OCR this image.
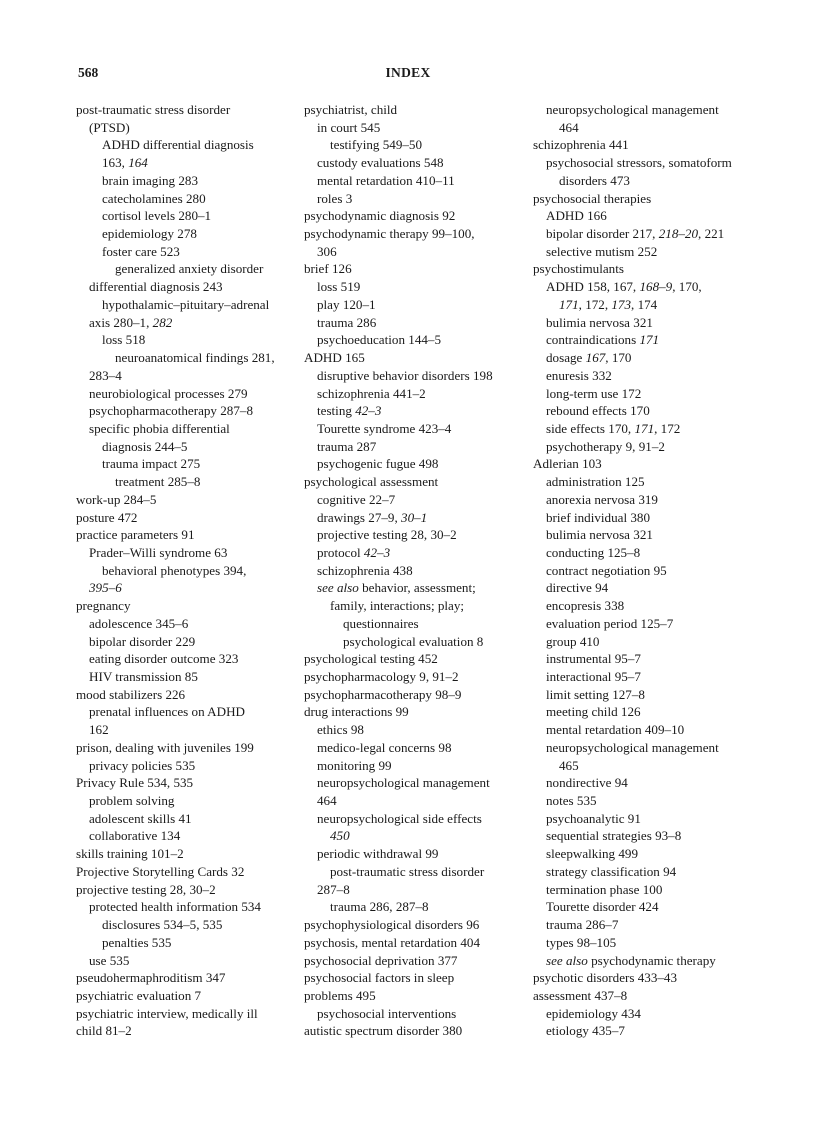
568	INDEX
post-traumatic stress disorder
(PTSD)
ADHD differential diagnosis
163, 164
brain imaging 283
catecholamines 280
cortisol levels 280–1
epidemiology 278
foster care 523
generalized anxiety disorder
differential diagnosis 243
hypothalamic–pituitary–adrenal
axis 280–1, 282
loss 518
neuroanatomical findings 281,
283–4
neurobiological processes 279
psychopharmacotherapy 287–8
specific phobia differential
diagnosis 244–5
trauma impact 275
treatment 285–8
work-up 284–5
posture 472
practice parameters 91
Prader–Willi syndrome 63
behavioral phenotypes 394,
395–6
pregnancy
adolescence 345–6
bipolar disorder 229
eating disorder outcome 323
HIV transmission 85
mood stabilizers 226
prenatal influences on ADHD
162
prison, dealing with juveniles 199
privacy policies 535
Privacy Rule 534, 535
problem solving
adolescent skills 41
collaborative 134
skills training 101–2
Projective Storytelling Cards 32
projective testing 28, 30–2
protected health information 534
disclosures 534–5, 535
penalties 535
use 535
pseudohermaphroditism 347
psychiatric evaluation 7
psychiatric interview, medically ill
child 81–2
psychiatrist, child
in court 545
testifying 549–50
custody evaluations 548
mental retardation 410–11
roles 3
psychodynamic diagnosis 92
psychodynamic therapy 99–100,
306
brief 126
loss 519
play 120–1
trauma 286
psychoeducation 144–5
ADHD 165
disruptive behavior disorders 198
schizophrenia 441–2
testing 42–3
Tourette syndrome 423–4
trauma 287
psychogenic fugue 498
psychological assessment
cognitive 22–7
drawings 27–9, 30–1
projective testing 28, 30–2
protocol 42–3
schizophrenia 438
see also behavior, assessment;
family, interactions; play;
questionnaires
psychological evaluation 8
psychological testing 452
psychopharmacology 9, 91–2
psychopharmacotherapy 98–9
drug interactions 99
ethics 98
medico-legal concerns 98
monitoring 99
neuropsychological management
464
neuropsychological side effects
450
periodic withdrawal 99
post-traumatic stress disorder
287–8
trauma 286, 287–8
psychophysiological disorders 96
psychosis, mental retardation 404
psychosocial deprivation 377
psychosocial factors in sleep
problems 495
psychosocial interventions
autistic spectrum disorder 380
neuropsychological management
464
schizophrenia 441
psychosocial stressors, somatoform
disorders 473
psychosocial therapies
ADHD 166
bipolar disorder 217, 218–20, 221
selective mutism 252
psychostimulants
ADHD 158, 167, 168–9, 170,
171, 172, 173, 174
bulimia nervosa 321
contraindications 171
dosage 167, 170
enuresis 332
long-term use 172
rebound effects 170
side effects 170, 171, 172
psychotherapy 9, 91–2
Adlerian 103
administration 125
anorexia nervosa 319
brief individual 380
bulimia nervosa 321
conducting 125–8
contract negotiation 95
directive 94
encopresis 338
evaluation period 125–7
group 410
instrumental 95–7
interactional 95–7
limit setting 127–8
meeting child 126
mental retardation 409–10
neuropsychological management
465
nondirective 94
notes 535
psychoanalytic 91
sequential strategies 93–8
sleepwalking 499
strategy classification 94
termination phase 100
Tourette disorder 424
trauma 286–7
types 98–105
see also psychodynamic therapy
psychotic disorders 433–43
assessment 437–8
epidemiology 434
etiology 435–7
